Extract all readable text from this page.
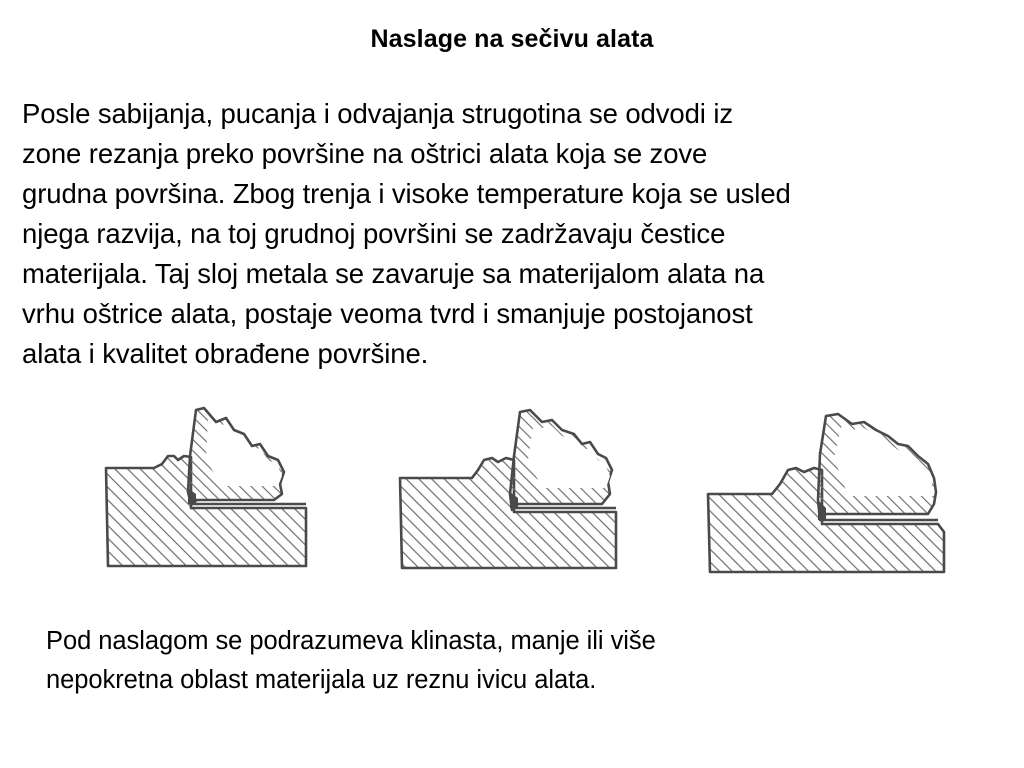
Naslage na sečivu alata
Posle sabijanja, pucanja i odvajanja strugotina se odvodi iz
zone rezanja preko površine na oštrici alata koja se zove
grudna površina. Zbog trenja i visoke temperature koja se usled
njega razvija, na toj grudnoj površini se zadržavaju čestice
materijala. Taj sloj metala se zavaruje sa materijalom alata na
vrhu oštrice alata, postaje veoma tvrd i smanjuje postojanost
alata i kvalitet obrađene površine.
Pod naslagom se podrazumeva klinasta, manje ili više
nepokretna oblast materijala uz reznu ivicu alata.
